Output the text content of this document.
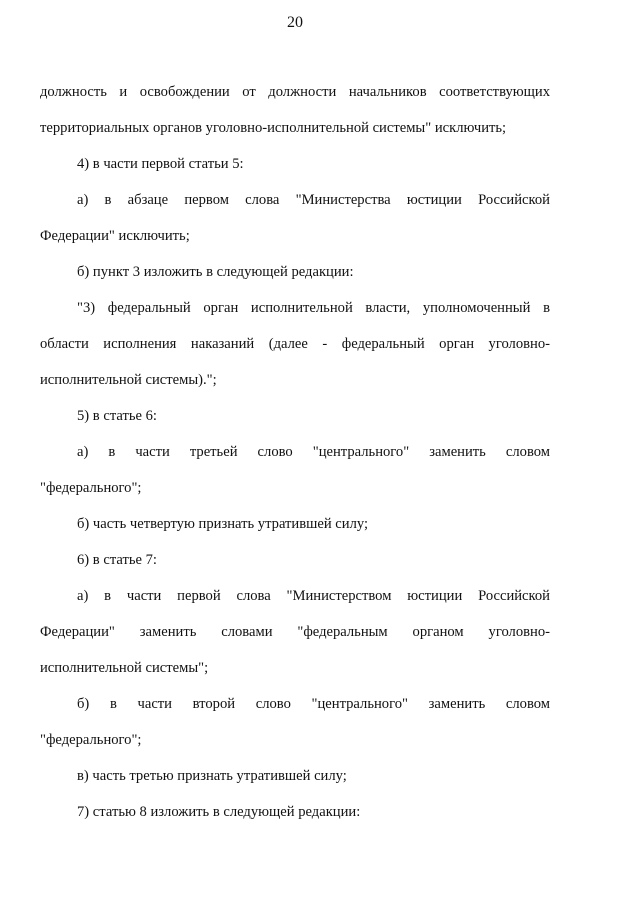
20
должность и освобождении от должности начальников соответствующих
территориальных органов уголовно-исполнительной системы" исключить;
4) в части первой статьи 5:
а) в абзаце первом слова "Министерства юстиции Российской
Федерации" исключить;
б) пункт 3 изложить в следующей редакции:
"3) федеральный орган исполнительной власти, уполномоченный в
области исполнения наказаний (далее - федеральный орган уголовно-
исполнительной системы).";
5) в статье 6:
а) в части третьей слово "центрального" заменить словом
"федерального";
б) часть четвертую признать утратившей силу;
6) в статье 7:
а) в части первой слова "Министерством юстиции Российской
Федерации" заменить словами "федеральным органом уголовно-
исполнительной системы";
б) в части второй слово "центрального" заменить словом
"федерального";
в) часть третью признать утратившей силу;
7) статью 8 изложить в следующей редакции:
